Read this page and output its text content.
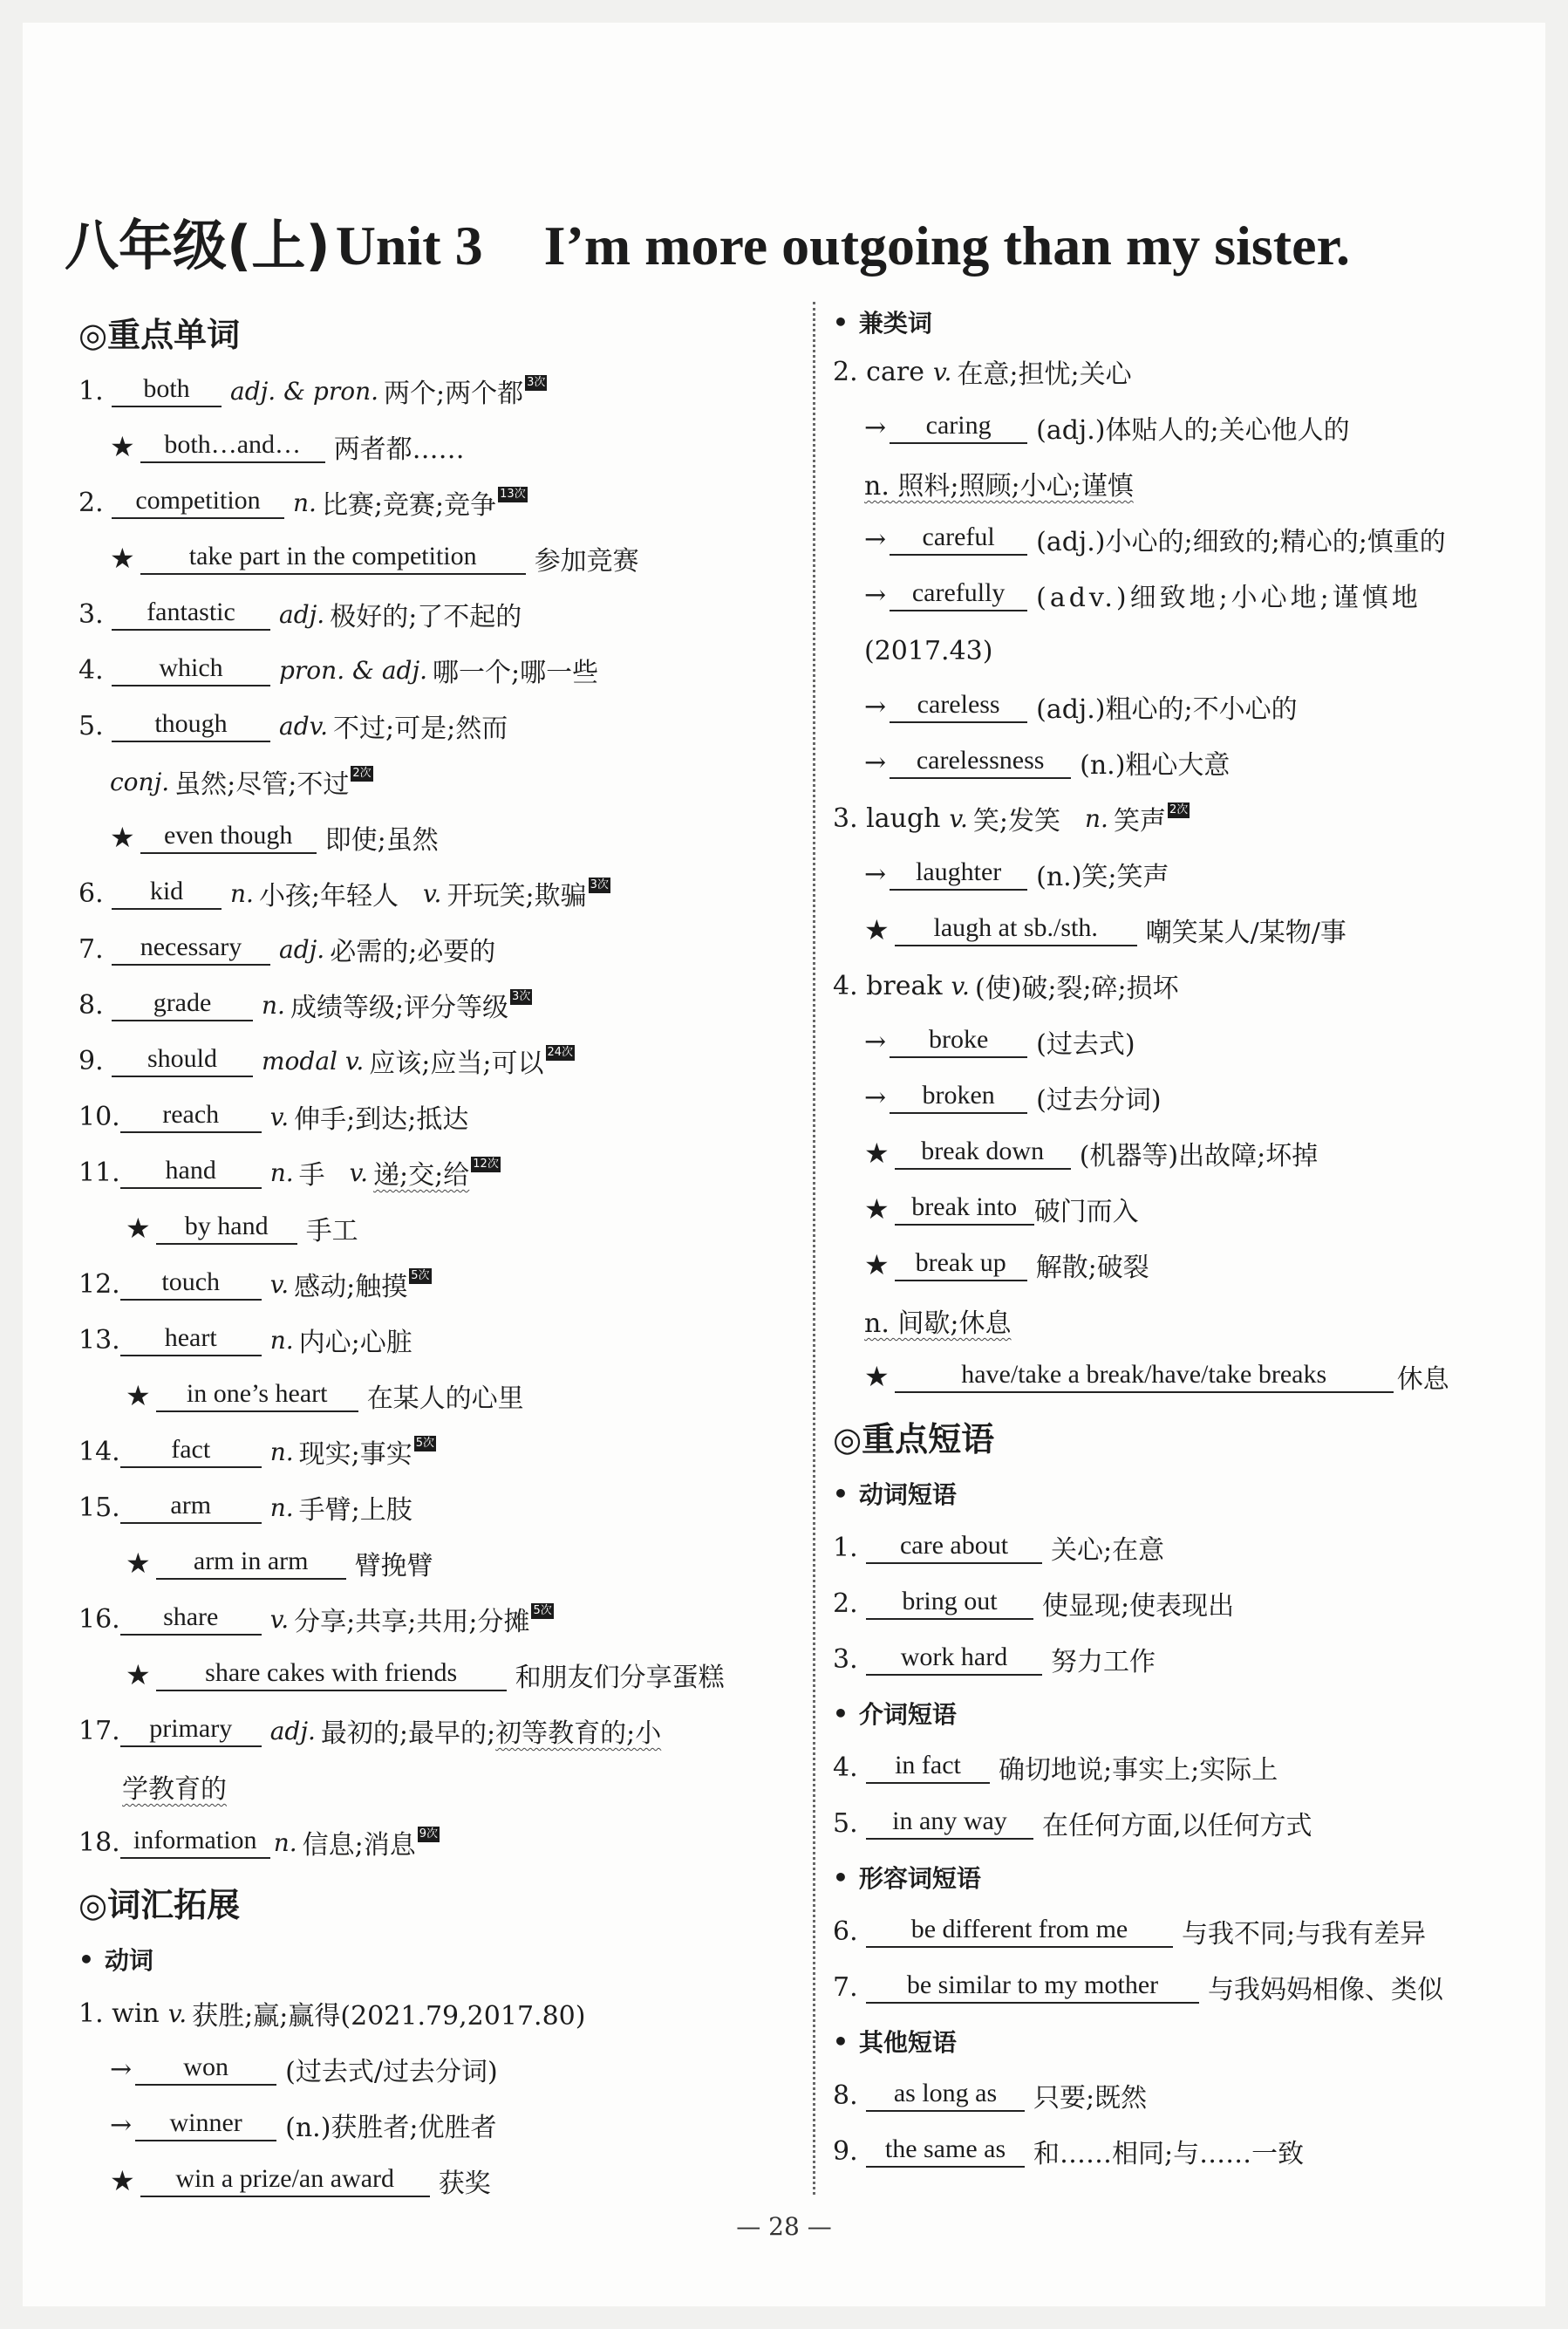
八年级(上)Unit 3 I’m more outgoing than my sister.
◎重点单词
1.	both	adj. & pron. 两个;两个都 3次
★	both…and…	两者都……
2.	competition	n. 比赛;竞赛;竞争 13次
★	take part in the competition	参加竞赛
3.	fantastic	adj. 极好的;了不起的
4.	which	pron. & adj. 哪一个;哪一些
5.	though	adv. 不过;可是;然而
conj. 虽然;尽管;不过 2次
★	even though	即使;虽然
6.	kid	n. 小孩;年轻人 v. 开玩笑;欺骗 3次
7.	necessary	adj. 必需的;必要的
8.	grade	n. 成绩等级;评分等级 3次
9.	should	modal v. 应该;应当;可以 24次
10.	reach	v. 伸手;到达;抵达
11.	hand	n. 手 v. 递;交;给 12次
★	by hand	手工
12.	touch	v. 感动;触摸 5次
13.	heart	n. 内心;心脏
★	in one’s heart	在某人的心里
14.	fact	n. 现实;事实 5次
15.	arm	n. 手臂;上肢
★	arm in arm	臂挽臂
16.	share	v. 分享;共享;共用;分摊 5次
★	share cakes with friends	和朋友们分享蛋糕
17.	primary	adj. 最初的;最早的; 初等教育的;小
学教育的
18. information n. 信息;消息 9次
◎词汇拓展
• 动词
1. win v. 获胜;赢;赢得(2021.79,2017.80)
→	won	(过去式/过去分词)
→	winner	(n.)获胜者;优胜者
★	win a prize/an award	获奖
• 兼类词
2. care v. 在意;担忧;关心
→	caring	(adj.)体贴人的;关心他人的
n. 照料;照顾;小心;谨慎
→	careful	(adj.)小心的;细致的;精心的;慎重的
→ carefully	(adv.)细致地;小心地;谨慎地
(2017.43)
→	careless	(adj.)粗心的;不小心的
→	carelessness	(n.)粗心大意
3. laugh v. 笑;发笑 n. 笑声 2次
→	laughter	(n.)笑;笑声
★	laugh at sb./sth.	嘲笑某人/某物/事
4. break v. (使)破;裂;碎;损坏
→	broke	(过去式)
→	broken	(过去分词)
★	break down	(机器等)出故障;坏掉
★ break into 破门而入
★ break up	解散;破裂
n. 间歇;休息
★	have/take a break/have/take breaks	休息
◎重点短语
• 动词短语
1.	care about	关心;在意
2.	bring out	使显现;使表现出
3.	work hard	努力工作
• 介词短语
4.	in fact	确切地说;事实上;实际上
5.	in any way	在任何方面,以任何方式
• 形容词短语
6.	be different from me	与我不同;与我有差异
7.	be similar to my mother	与我妈妈相像、类似
• 其他短语
8.	as long as	只要;既然
9.	the same as	和……相同;与……一致
— 28 —
